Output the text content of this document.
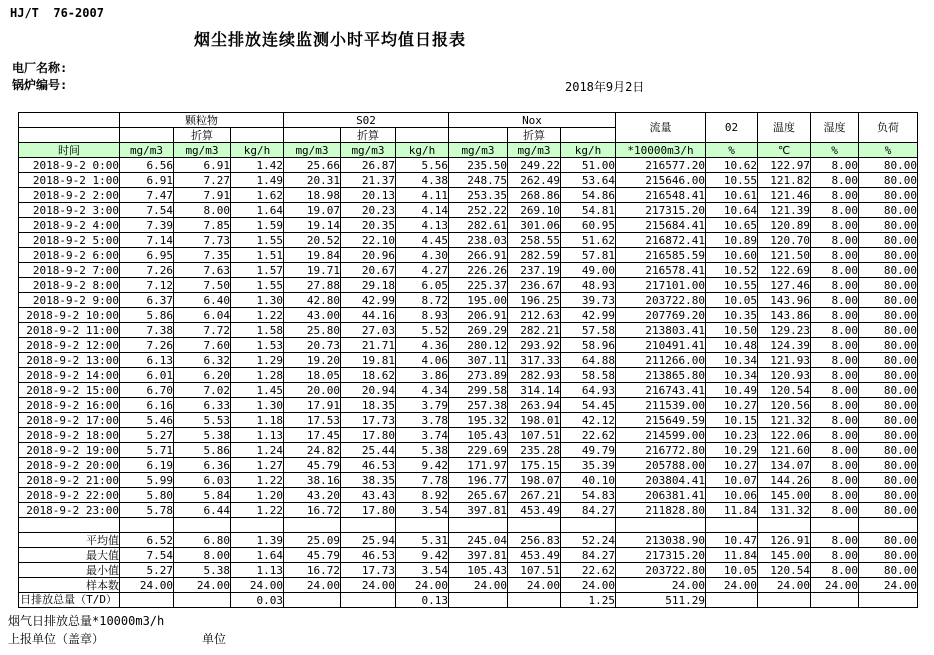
HJ/T  76-2007
烟尘排放连续监测小时平均值日报表
电厂名称:
锅炉编号:	2018年9月2日
	颗粒物			S02			Nox			流量	02	温度	湿度	负荷
		折算			折算			折算						
时间	mg/m3	mg/m3	kg/h	mg/m3	mg/m3	kg/h	mg/m3	mg/m3	kg/h	*10000m3/h	%	℃	%	%
2018-9-2 0:00	6.56	6.91	1.42	25.66	26.87	5.56	235.50	249.22	51.00	216577.20	10.62	122.97	8.00	80.00
2018-9-2 1:00	6.91	7.27	1.49	20.31	21.37	4.38	248.75	262.49	53.64	215646.00	10.55	121.82	8.00	80.00
2018-9-2 2:00	7.47	7.91	1.62	18.98	20.13	4.11	253.35	268.86	54.86	216548.41	10.61	121.46	8.00	80.00
2018-9-2 3:00	7.54	8.00	1.64	19.07	20.23	4.14	252.22	269.10	54.81	217315.20	10.64	121.39	8.00	80.00
2018-9-2 4:00	7.39	7.85	1.59	19.14	20.35	4.13	282.61	301.06	60.95	215684.41	10.65	120.89	8.00	80.00
2018-9-2 5:00	7.14	7.73	1.55	20.52	22.10	4.45	238.03	258.55	51.62	216872.41	10.89	120.70	8.00	80.00
2018-9-2 6:00	6.95	7.35	1.51	19.84	20.96	4.30	266.91	282.59	57.81	216585.59	10.60	121.50	8.00	80.00
2018-9-2 7:00	7.26	7.63	1.57	19.71	20.67	4.27	226.26	237.19	49.00	216578.41	10.52	122.69	8.00	80.00
2018-9-2 8:00	7.12	7.50	1.55	27.88	29.18	6.05	225.37	236.67	48.93	217101.00	10.55	127.46	8.00	80.00
2018-9-2 9:00	6.37	6.40	1.30	42.80	42.99	8.72	195.00	196.25	39.73	203722.80	10.05	143.96	8.00	80.00
2018-9-2 10:00	5.86	6.04	1.22	43.00	44.16	8.93	206.91	212.63	42.99	207769.20	10.35	143.86	8.00	80.00
2018-9-2 11:00	7.38	7.72	1.58	25.80	27.03	5.52	269.29	282.21	57.58	213803.41	10.50	129.23	8.00	80.00
2018-9-2 12:00	7.26	7.60	1.53	20.73	21.71	4.36	280.12	293.92	58.96	210491.41	10.48	124.39	8.00	80.00
2018-9-2 13:00	6.13	6.32	1.29	19.20	19.81	4.06	307.11	317.33	64.88	211266.00	10.34	121.93	8.00	80.00
2018-9-2 14:00	6.01	6.20	1.28	18.05	18.62	3.86	273.89	282.93	58.58	213865.80	10.34	120.93	8.00	80.00
2018-9-2 15:00	6.70	7.02	1.45	20.00	20.94	4.34	299.58	314.14	64.93	216743.41	10.49	120.54	8.00	80.00
2018-9-2 16:00	6.16	6.33	1.30	17.91	18.35	3.79	257.38	263.94	54.45	211539.00	10.27	120.56	8.00	80.00
2018-9-2 17:00	5.46	5.53	1.18	17.53	17.73	3.78	195.32	198.01	42.12	215649.59	10.15	121.32	8.00	80.00
2018-9-2 18:00	5.27	5.38	1.13	17.45	17.80	3.74	105.43	107.51	22.62	214599.00	10.23	122.06	8.00	80.00
2018-9-2 19:00	5.71	5.86	1.24	24.82	25.44	5.38	229.69	235.28	49.79	216772.80	10.29	121.60	8.00	80.00
2018-9-2 20:00	6.19	6.36	1.27	45.79	46.53	9.42	171.97	175.15	35.39	205788.00	10.27	134.07	8.00	80.00
2018-9-2 21:00	5.99	6.03	1.22	38.16	38.35	7.78	196.77	198.07	40.10	203804.41	10.07	144.26	8.00	80.00
2018-9-2 22:00	5.80	5.84	1.20	43.20	43.43	8.92	265.67	267.21	54.83	206381.41	10.06	145.00	8.00	80.00
2018-9-2 23:00	5.78	6.44	1.22	16.72	17.80	3.54	397.81	453.49	84.27	211828.80	11.84	131.32	8.00	80.00

平均值	6.52	6.80	1.39	25.09	25.94	5.31	245.04	256.83	52.24	213038.90	10.47	126.91	8.00	80.00
最大值	7.54	8.00	1.64	45.79	46.53	9.42	397.81	453.49	84.27	217315.20	11.84	145.00	8.00	80.00
最小值	5.27	5.38	1.13	16.72	17.73	3.54	105.43	107.51	22.62	203722.80	10.05	120.54	8.00	80.00
样本数	24.00	24.00	24.00	24.00	24.00	24.00	24.00	24.00	24.00	24.00	24.00	24.00	24.00	24.00

日排放总量（T/D）			0.03			0.13			1.25	511.29				
烟气日排放总量*10000m3/h
上报单位（盖章）	单位
